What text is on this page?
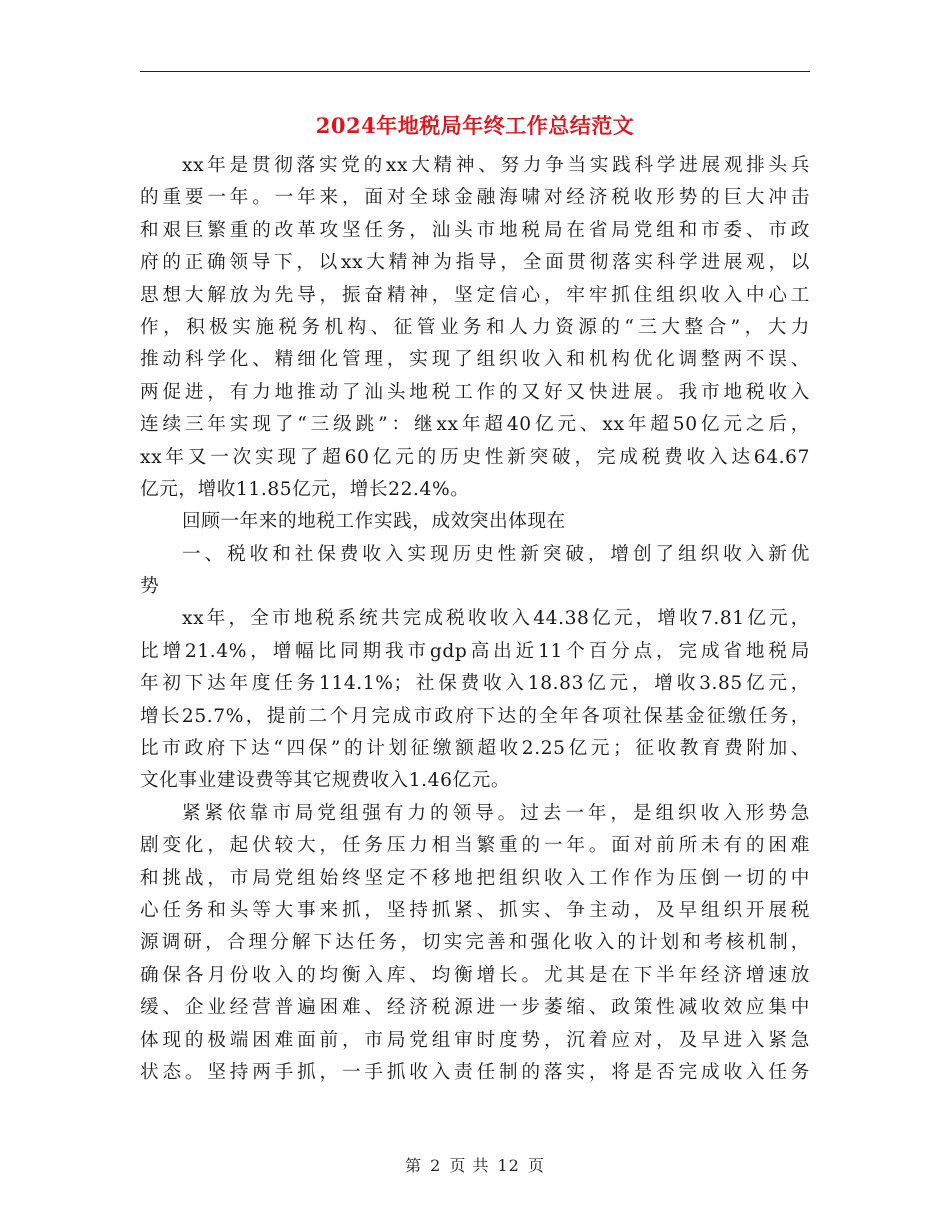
2024年地税局年终工作总结范文
xx年是贯彻落实党的xx大精神、努力争当实践科学进展观排头兵
的重要一年。一年来，面对全球金融海啸对经济税收形势的巨大冲击
和艰巨繁重的改革攻坚任务，汕头市地税局在省局党组和市委、市政
府的正确领导下，以xx大精神为指导，全面贯彻落实科学进展观，以
思想大解放为先导，振奋精神，坚定信心，牢牢抓住组织收入中心工
作，积极实施税务机构、征管业务和人力资源的“三大整合”，大力
推动科学化、精细化管理，实现了组织收入和机构优化调整两不误、
两促进，有力地推动了汕头地税工作的又好又快进展。我市地税收入
连续三年实现了“三级跳”：继xx年超40亿元、xx年超50亿元之后，
xx年又一次实现了超60亿元的历史性新突破，完成税费收入达64.67
亿元，增收11.85亿元，增长22.4%。
回顾一年来的地税工作实践，成效突出体现在
一、税收和社保费收入实现历史性新突破，增创了组织收入新优
势
xx年，全市地税系统共完成税收收入44.38亿元，增收7.81亿元，
比增21.4%，增幅比同期我市gdp高出近11个百分点，完成省地税局
年初下达年度任务114.1%；社保费收入18.83亿元，增收3.85亿元，
增长25.7%，提前二个月完成市政府下达的全年各项社保基金征缴任务，
比市政府下达“四保”的计划征缴额超收2.25亿元；征收教育费附加、
文化事业建设费等其它规费收入1.46亿元。
紧紧依靠市局党组强有力的领导。过去一年，是组织收入形势急
剧变化，起伏较大，任务压力相当繁重的一年。面对前所未有的困难
和挑战，市局党组始终坚定不移地把组织收入工作作为压倒一切的中
心任务和头等大事来抓，坚持抓紧、抓实、争主动，及早组织开展税
源调研，合理分解下达任务，切实完善和强化收入的计划和考核机制，
确保各月份收入的均衡入库、均衡增长。尤其是在下半年经济增速放
缓、企业经营普遍困难、经济税源进一步萎缩、政策性减收效应集中
体现的极端困难面前，市局党组审时度势，沉着应对，及早进入紧急
状态。坚持两手抓，一手抓收入责任制的落实，将是否完成收入任务
第 2 页 共 12 页
